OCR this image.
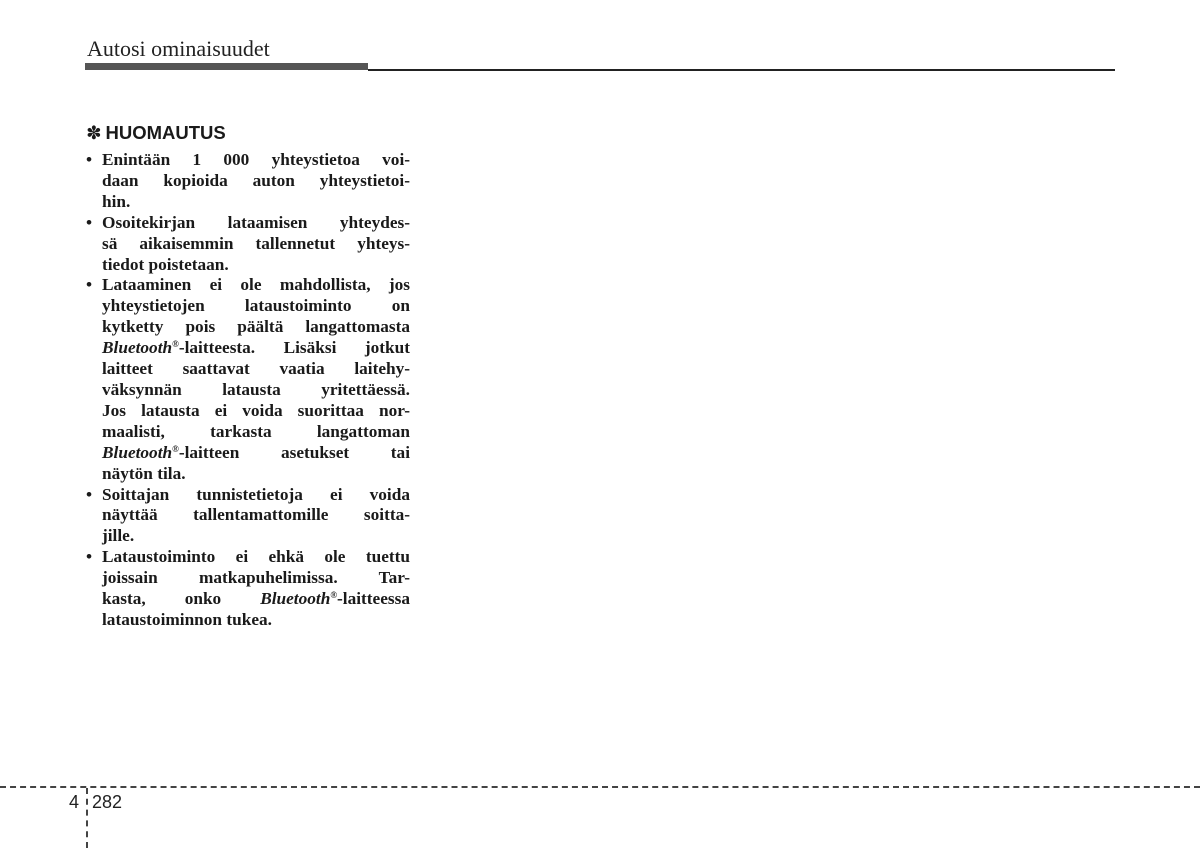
Autosi ominaisuudet
✽ HUOMAUTUS
• Enintään 1 000 yhteystietoa voi-
daan kopioida auton yhteystietoi-
hin.
• Osoitekirjan lataamisen yhteydes-
sä aikaisemmin tallennetut yhteys-
tiedot poistetaan.
• Lataaminen ei ole mahdollista, jos
yhteystietojen lataustoiminto on
kytketty pois päältä langattomasta
Bluetooth®-laitteesta. Lisäksi jotkut
laitteet saattavat vaatia laitehy-
väksynnän latausta yritettäessä.
Jos latausta ei voida suorittaa nor-
maalisti, tarkasta langattoman
Bluetooth®-laitteen asetukset tai
näytön tila.
• Soittajan tunnistetietoja ei voida
näyttää tallentamattomille soitta-
jille.
• Lataustoiminto ei ehkä ole tuettu
joissain matkapuhelimissa. Tar-
kasta, onko Bluetooth®-laitteessa
lataustoiminnon tukea.
4 282
